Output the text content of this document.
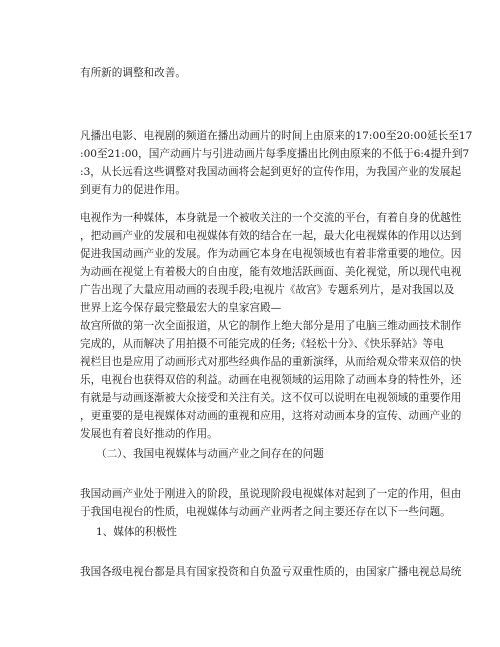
有所新的调整和改善。
凡播出电影、电视剧的频道在播出动画片的时间上由原来的17:00至20:00延长至17
:00至21:00，国产动画片与引进动画片每季度播出比例由原来的不低于6:4提升到7
:3，从长远看这些调整对我国动画将会起到更好的宣传作用，为我国产业的发展起
到更有力的促进作用。
电视作为一种媒体，本身就是一个被收关注的一个交流的平台，有着自身的优越性
，把动画产业的发展和电视媒体有效的结合在一起，最大化电视媒体的作用以达到
促进我国动画产业的发展。作为动画它本身在电视领域也有着非常重要的地位。因
为动画在视觉上有着极大的自由度，能有效地活跃画面、美化视觉，所以现代电视
广告出现了大量应用动画的表现手段;电视片《故宫》专题系列片，是对我国以及
世界上迄今保存最完整最宏大的皇家宫殿—
故宫所做的第一次全面报道，从它的制作上绝大部分是用了电脑三维动画技术制作
完成的，从而解决了用拍摄不可能完成的任务;《轻松十分》、《快乐驿站》等电
视栏目也是应用了动画形式对那些经典作品的重新演绎，从而给观众带来双倍的快
乐，电视台也获得双倍的利益。动画在电视领域的运用除了动画本身的特性外，还
有就是与动画逐渐被大众接受和关注有关。这不仅可以说明在电视领域的重要作用
，更重要的是电视媒体对动画的重视和应用，这将对动画本身的宣传、动画产业的
发展也有着良好推动的作用。
（二）、我国电视媒体与动画产业之间存在的问题
我国动画产业处于刚进入的阶段，虽说现阶段电视媒体对起到了一定的作用，但由
于我国电视台的性质，电视媒体与动画产业两者之间主要还存在以下一些问题。
1、媒体的积极性
我国各级电视台都是具有国家投资和自负盈亏双重性质的，由国家广播电视总局统
